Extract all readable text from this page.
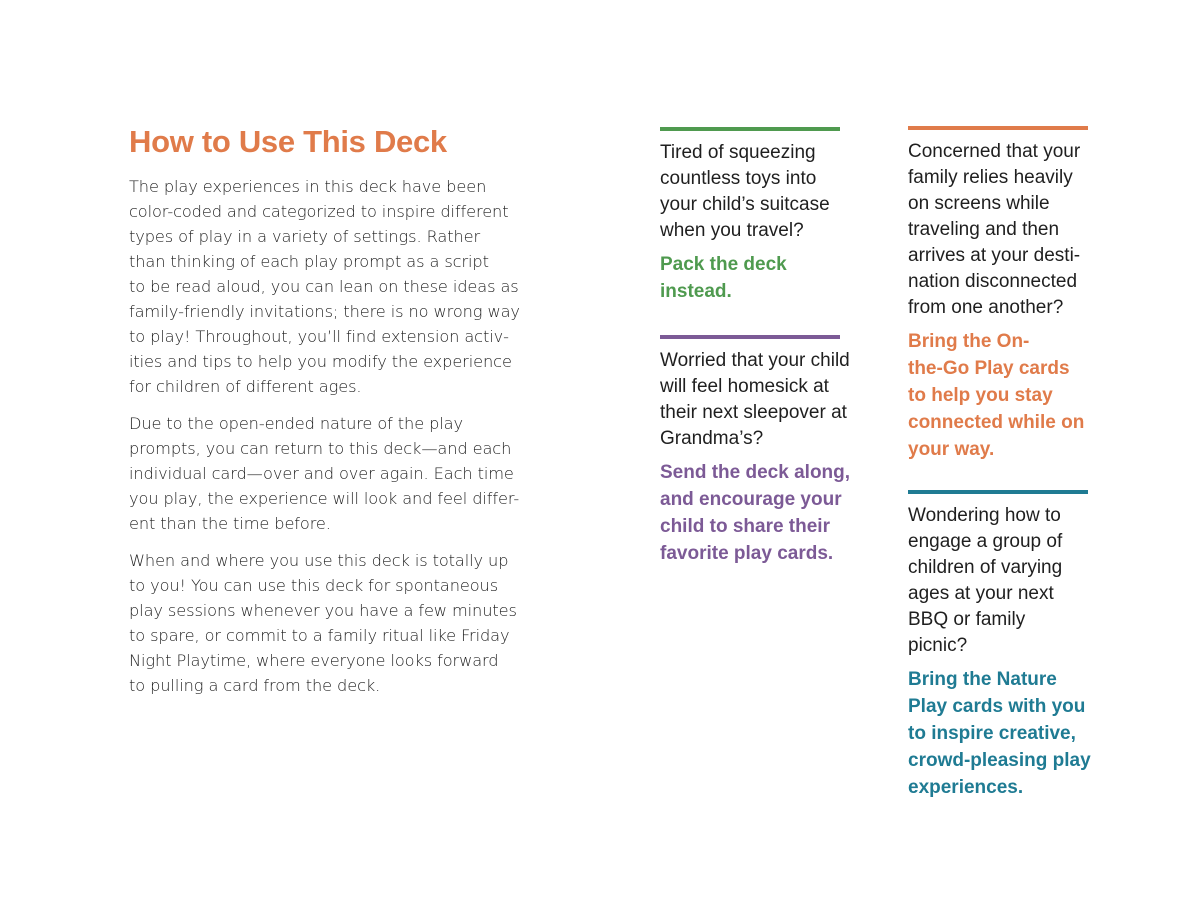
How to Use This Deck

The play experiences in this deck have been
color-coded and categorized to inspire different
types of play in a variety of settings. Rather
than thinking of each play prompt as a script
to be read aloud, you can lean on these ideas as
family-friendly invitations; there is no wrong way
to play! Throughout, you’ll find extension activ-
ities and tips to help you modify the experience
for children of different ages.

Due to the open-ended nature of the play
prompts, you can return to this deck—and each
individual card—over and over again. Each time
you play, the experience will look and feel differ-
ent than the time before.

When and where you use this deck is totally up
to you! You can use this deck for spontaneous
play sessions whenever you have a few minutes
to spare, or commit to a family ritual like Friday
Night Playtime, where everyone looks forward
to pulling a card from the deck.

Tired of squeezing
countless toys into
your child’s suitcase
when you travel?

Pack the deck
instead.

Worried that your child
will feel homesick at
their next sleepover at
Grandma’s?

Send the deck along,
and encourage your
child to share their
favorite play cards.

Concerned that your
family relies heavily
on screens while
traveling and then
arrives at your desti-
nation disconnected
from one another?

Bring the On-
the-Go Play cards
to help you stay
connected while on
your way.

Wondering how to
engage a group of
children of varying
ages at your next
BBQ or family
picnic?

Bring the Nature
Play cards with you
to inspire creative,
crowd-pleasing play
experiences.
